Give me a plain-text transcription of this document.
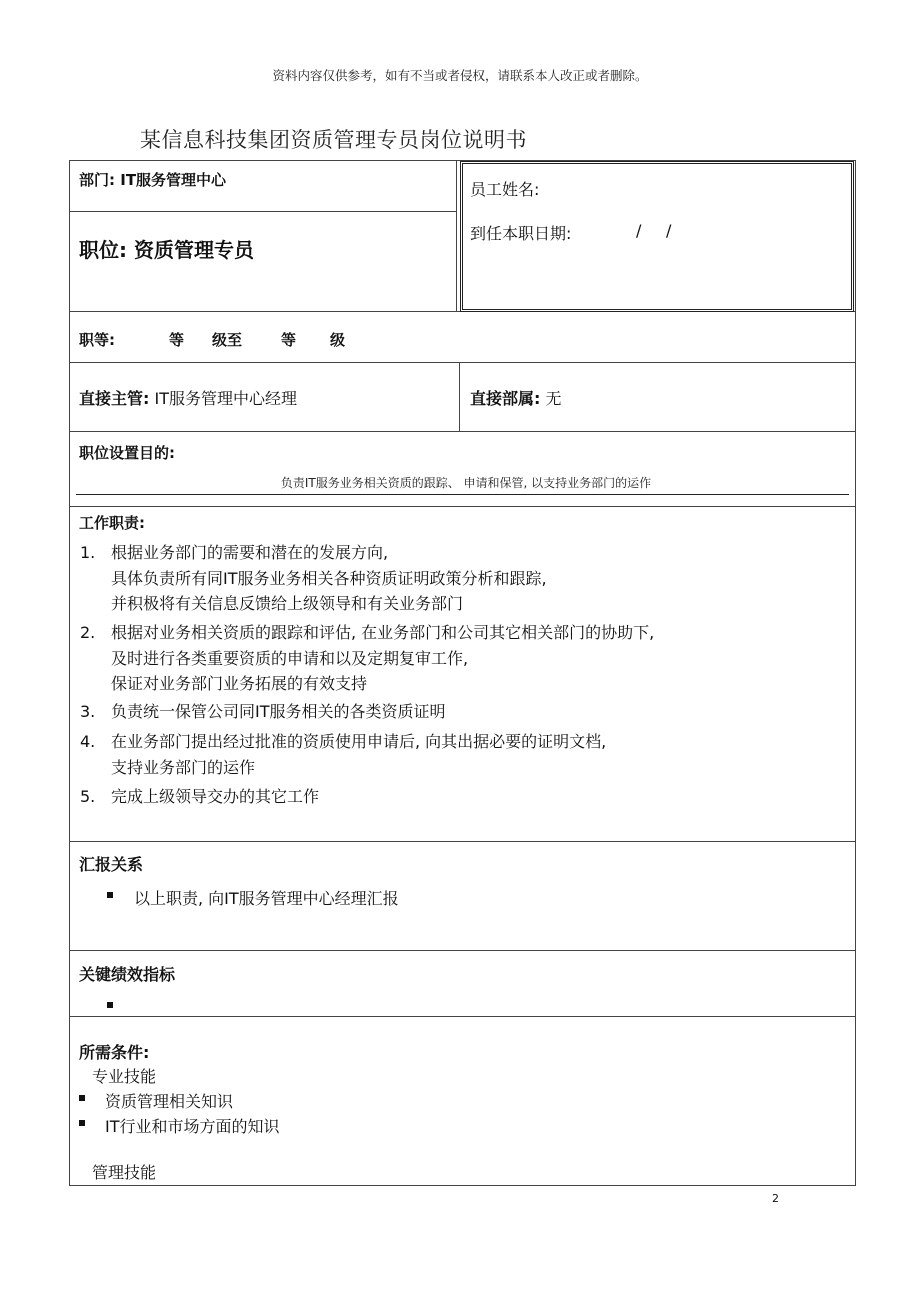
资料内容仅供参考，如有不当或者侵权，请联系本人改正或者删除。
某信息科技集团资质管理专员岗位说明书
部门: IT服务管理中心	员工姓名:
到任本职日期:	/ /
职位: 资质管理专员
职等:	等 级至	等 级
直接主管: IT服务管理中心经理	直接部属: 无
职位设置目的:
负责IT服务业务相关资质的跟踪、 申请和保管, 以支持业务部门的运作
工作职责:
1. 根据业务部门的需要和潜在的发展方向,
具体负责所有同IT服务业务相关各种资质证明政策分析和跟踪,
并积极将有关信息反馈给上级领导和有关业务部门
2. 根据对业务相关资质的跟踪和评估, 在业务部门和公司其它相关部门的协助下,
及时进行各类重要资质的申请和以及定期复审工作,
保证对业务部门业务拓展的有效支持
3. 负责统一保管公司同IT服务相关的各类资质证明
4. 在业务部门提出经过批准的资质使用申请后, 向其出据必要的证明文档,
支持业务部门的运作
5. 完成上级领导交办的其它工作
汇报关系
以上职责, 向IT服务管理中心经理汇报
关键绩效指标
所需条件:
专业技能
资质管理相关知识
IT行业和市场方面的知识
管理技能
2
